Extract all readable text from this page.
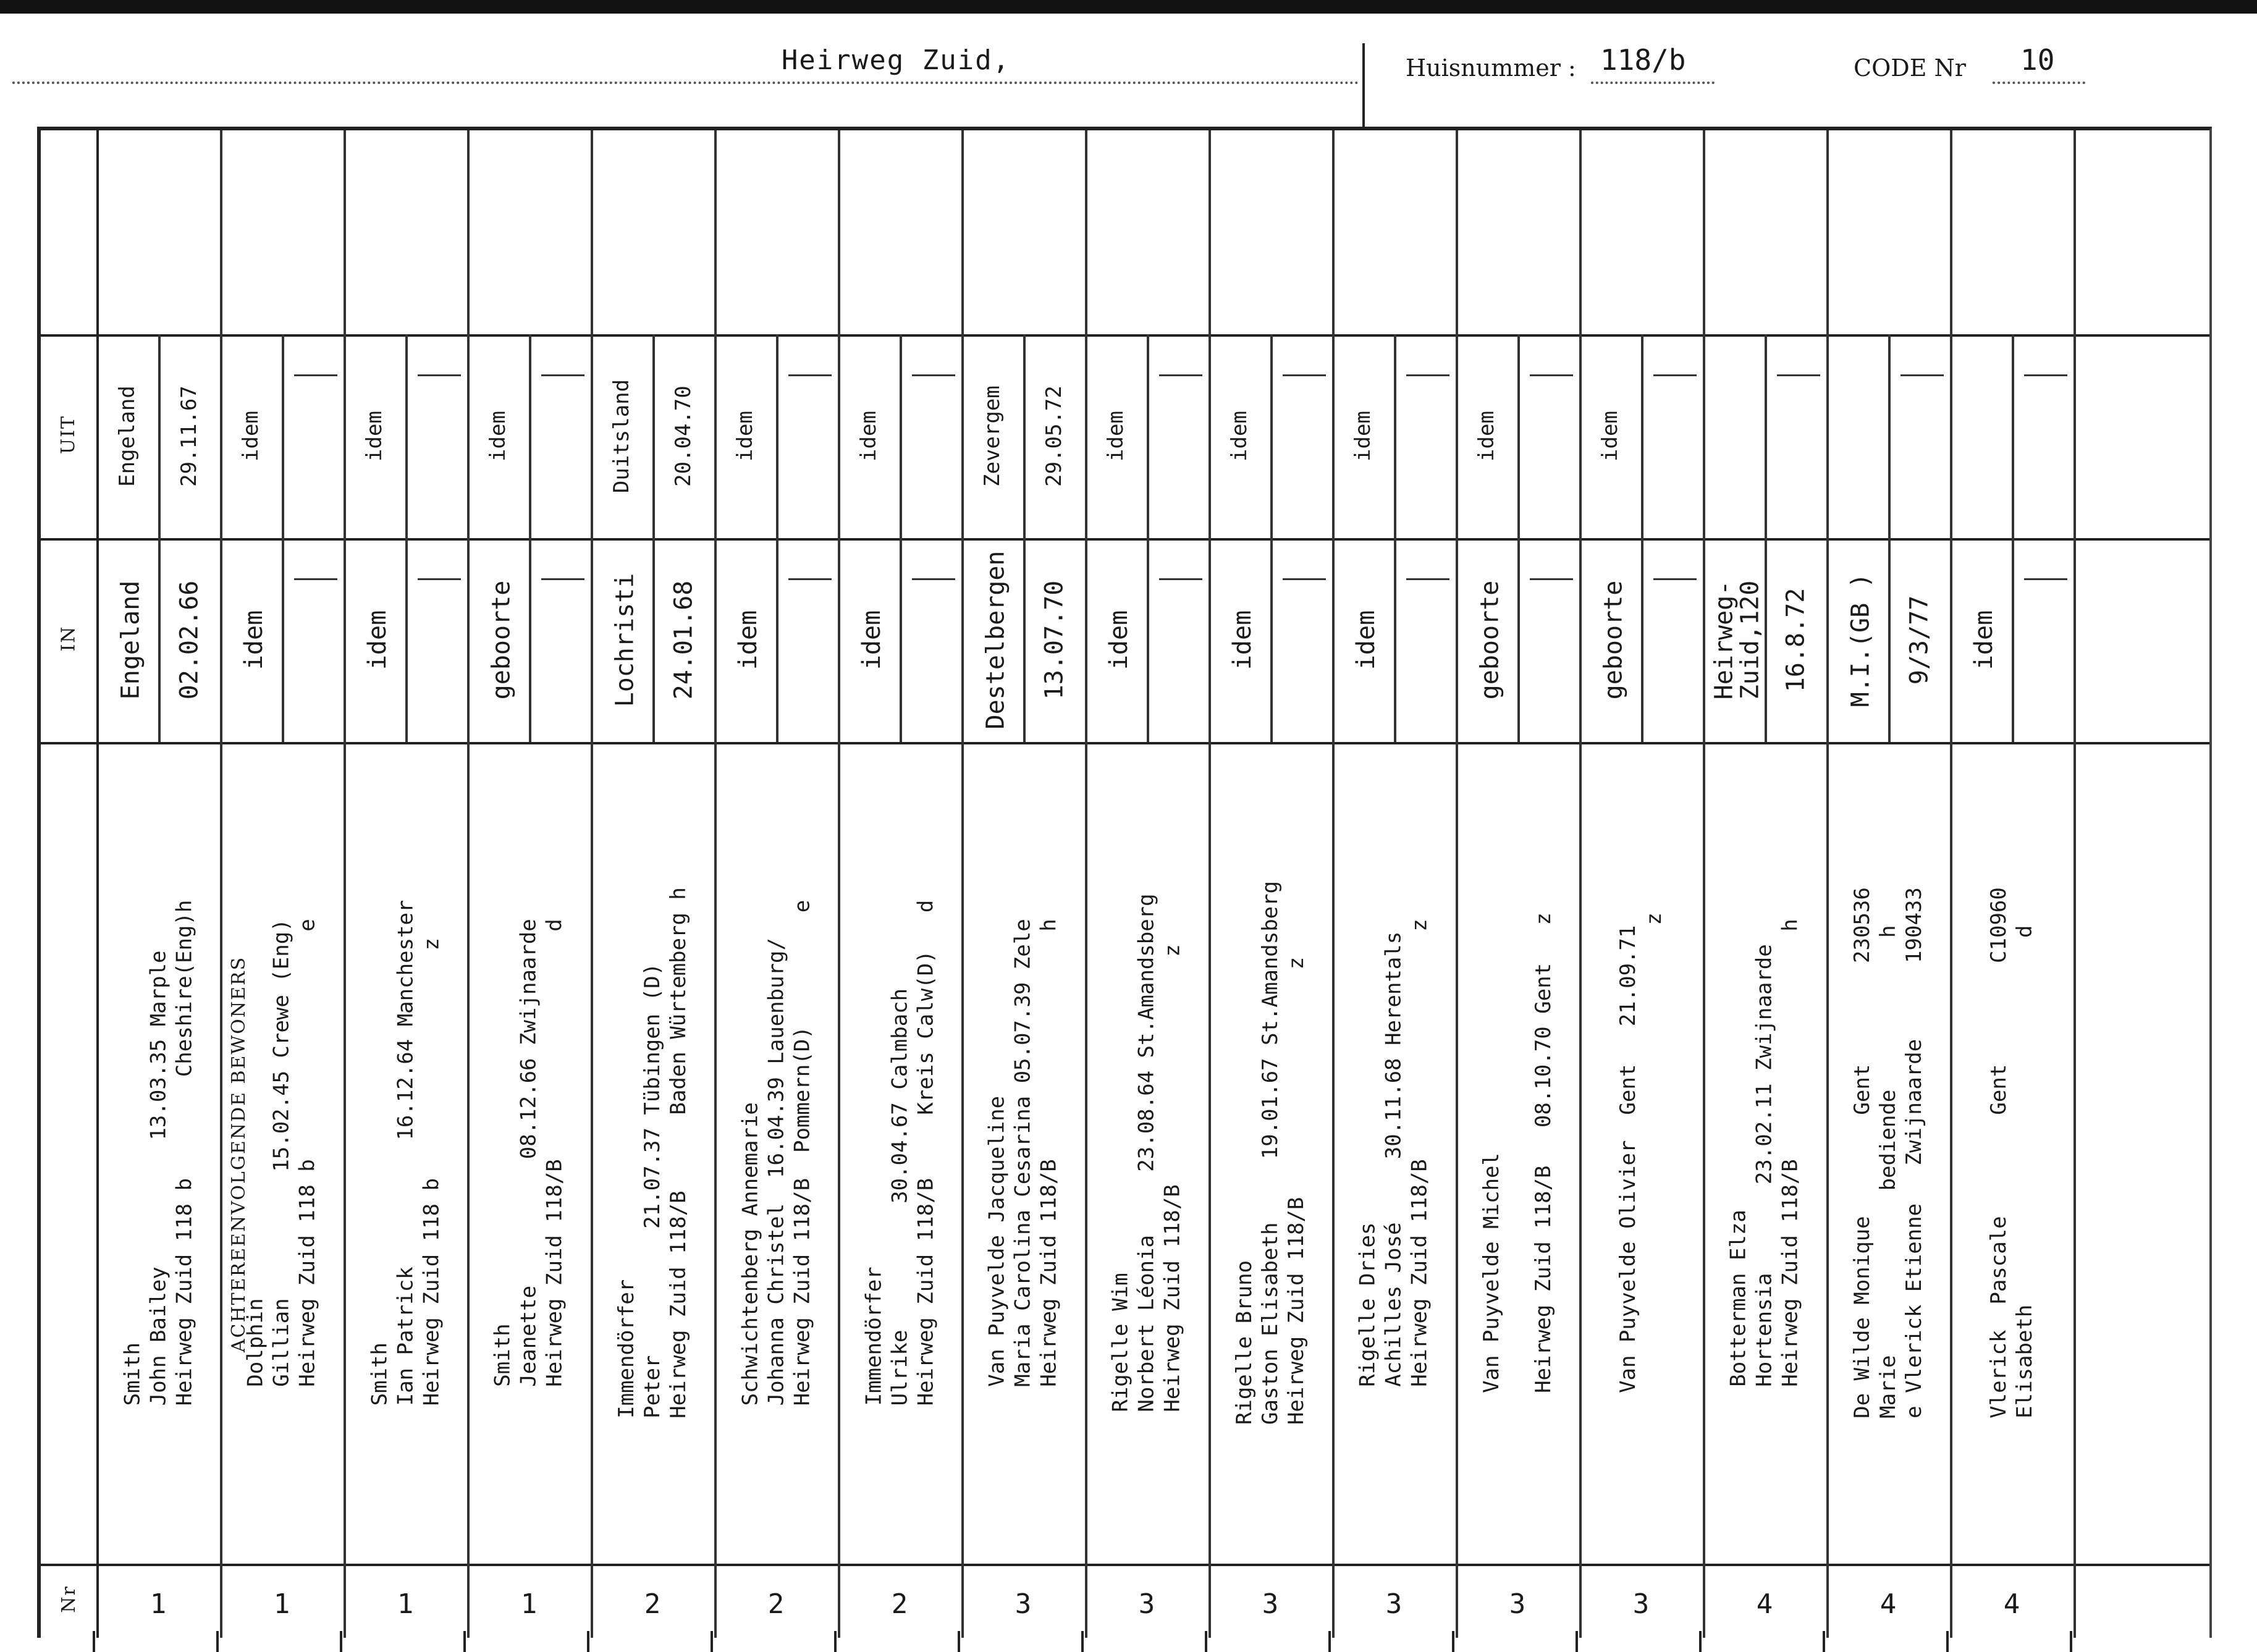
Heirweg Zuid,	Huisnummer : 118/b	CODE Nr 10
UIT
IN
ACHTEREENVOLGENDE BEWONERS
Nr
Engeland 29.11.67
Engeland 02.02.66
Smith
John Bailey          13.03.35 Marple
Heirweg Zuid 118 b        Cheshire(Eng)h
1
idem
idem
Dolphin
Gillian          15.02.45 Crewe (Eng)
Heirweg Zuid 118 b                  e
1
idem
idem
Smith
Ian Patrick          16.12.64 Manchester
Heirweg Zuid 118 b                  z
1
idem
geboorte
Smith
Jeanette          08.12.66 Zwijnaarde
Heirweg Zuid 118/B                  d
1
Duitsland 20.04.70
Lochristi 24.01.68
Immendörfer
Peter          21.07.37 Tübingen (D)
Heirweg Zuid 118/B      Baden Würtemberg h
2
idem
idem
Schwichtenberg Annemarie
Johanna Christel  16.04.39 Lauenburg/
Heirweg Zuid 118/B  Pommern(D)         e
2
idem
idem
Immendörfer
Ulrike          30.04.67 Calmbach
Heirweg Zuid 118/B     Kreis Calw(D)   d
2
Zevergem 29.05.72
Destelbergen 13.07.70
Van Puyvelde Jacqueline
Maria Carolina Cesarina 05.07.39 Zele
Heirweg Zuid 118/B                  h
3
idem
idem
Rigelle Wim
Norbert Léonia     23.08.64 St.Amandsberg
Heirweg Zuid 118/B                  z
3
idem
idem
Rigelle Bruno
Gaston Elisabeth     19.01.67 St.Amandsberg
Heirweg Zuid 118/B                  z
3
idem
idem
Rigelle Dries
Achilles José     30.11.68 Herentals
Heirweg Zuid 118/B                  z
3
idem
geboorte
Van Puyvelde Michel

Heirweg Zuid 118/B   08.10.70 Gent   z
3
idem
geboorte
Van Puyvelde Olivier  Gent   21.09.71
z
3
Heirweg-
Zuid,120 16.8.72
Botterman Elza
Hortensia       23.02.11 Zwijnaarde
Heirweg Zuid 118/B                  h
4
M.I.(GB ) 9/3/77
De Wilde Monique        Gent        230536
Marie             bediende            h
e Vlerick Etienne   Zwijnaarde      190433
4
idem
Vlerick  Pascale        Gent        C10960
Elisabeth                             d
4
